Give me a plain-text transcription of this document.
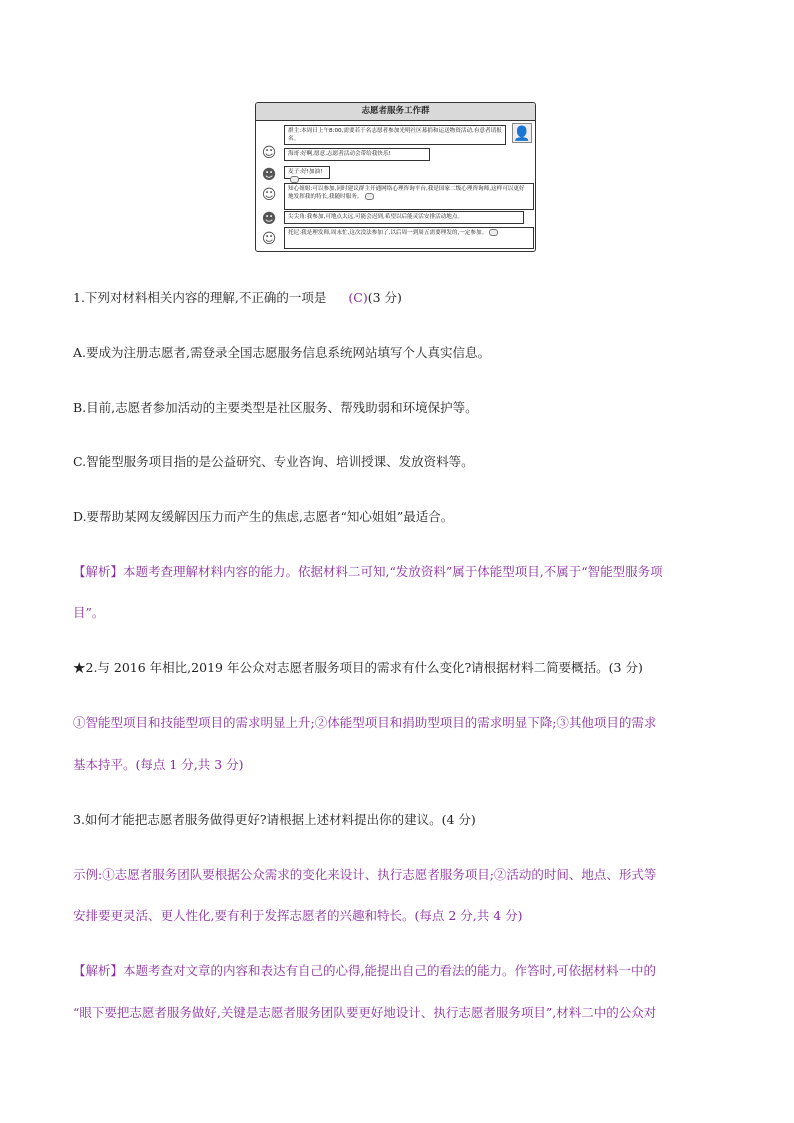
志愿者服务工作群
👤
群主:本周日上午8:00,需要若干名志愿者参加光明社区募捐和运送物资活动,有意者请报名。
☺	海哥:好啊,愿意,志愿者活动会带给我快乐!
☻	麦子:好!加油!
☺	知心姐姐:可以参加,同时建议群主开通网络心理咨询平台,我是国家二级心理咨询师,这样可以更好地发挥我的特长,我随时服务。
☻	尖尖角:我参加,可地点太远,可能会迟到,希望以后能灵活安排活动地点。
☺	托尼:我是理发师,周末忙,这次没法参加了,以后周一到周五需要理发的,一定参加。
1.下列对材料相关内容的理解,不正确的一项是 (C)(3 分)
A.要成为注册志愿者,需登录全国志愿服务信息系统网站填写个人真实信息。
B.目前,志愿者参加活动的主要类型是社区服务、帮残助弱和环境保护等。
C.智能型服务项目指的是公益研究、专业咨询、培训授课、发放资料等。
D.要帮助某网友缓解因压力而产生的焦虑,志愿者“知心姐姐”最适合。
【解析】本题考查理解材料内容的能力。依据材料二可知,“发放资料”属于体能型项目,不属于“智能型服务项
目”。
★2.与 2016 年相比,2019 年公众对志愿者服务项目的需求有什么变化?请根据材料二简要概括。(3 分)
①智能型项目和技能型项目的需求明显上升;②体能型项目和捐助型项目的需求明显下降;③其他项目的需求
基本持平。(每点 1 分,共 3 分)
3.如何才能把志愿者服务做得更好?请根据上述材料提出你的建议。(4 分)
示例:①志愿者服务团队要根据公众需求的变化来设计、执行志愿者服务项目;②活动的时间、地点、形式等
安排要更灵活、更人性化,要有利于发挥志愿者的兴趣和特长。(每点 2 分,共 4 分)
【解析】本题考查对文章的内容和表达有自己的心得,能提出自己的看法的能力。作答时,可依据材料一中的
“眼下要把志愿者服务做好,关键是志愿者服务团队要更好地设计、执行志愿者服务项目”,材料二中的公众对
